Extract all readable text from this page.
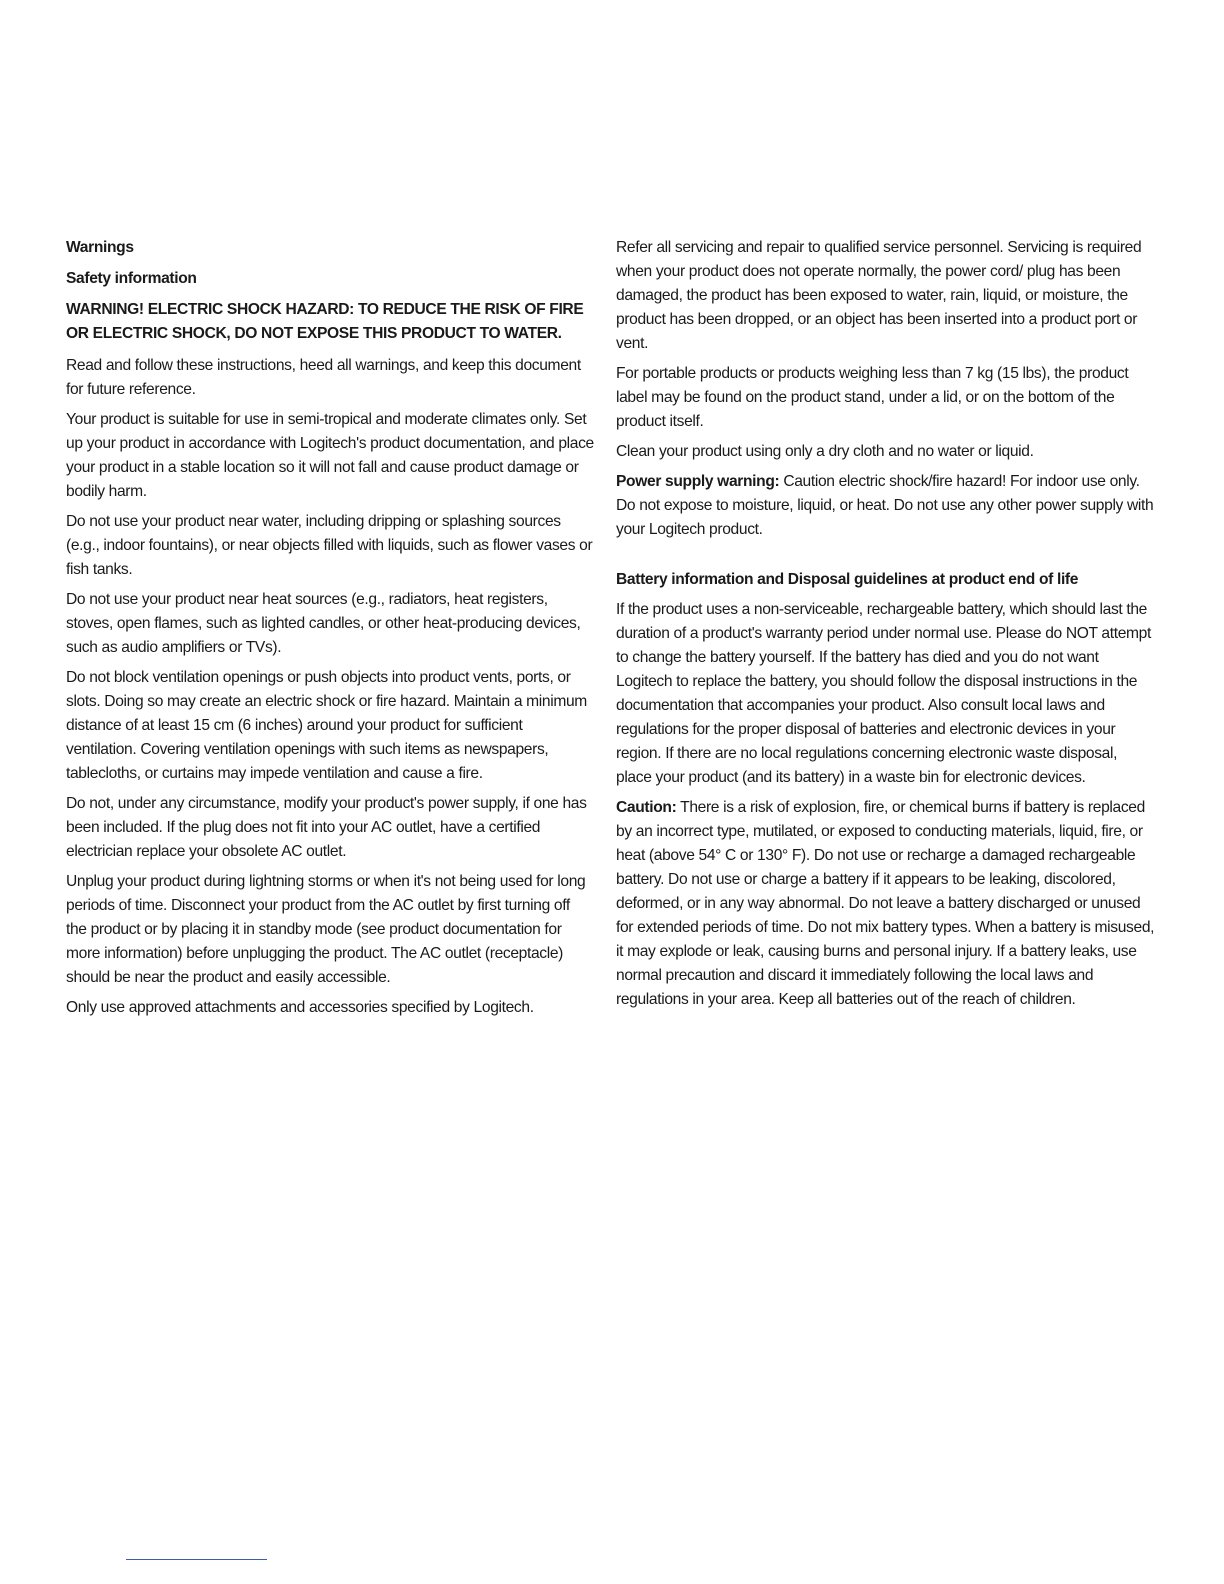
Warnings
Safety information
WARNING! ELECTRIC SHOCK HAZARD: TO REDUCE THE RISK OF FIRE OR ELECTRIC SHOCK, DO NOT EXPOSE THIS PRODUCT TO WATER.

Read and follow these instructions, heed all warnings, and keep this document for future reference.

Your product is suitable for use in semi-tropical and moderate climates only. Set up your product in accordance with Logitech's product documentation, and place your product in a stable location so it will not fall and cause product damage or bodily harm.

Do not use your product near water, including dripping or splashing sources (e.g., indoor fountains), or near objects filled with liquids, such as flower vases or fish tanks.

Do not use your product near heat sources (e.g., radiators, heat registers, stoves, open flames, such as lighted candles, or other heat-producing devices, such as audio amplifiers or TVs).

Do not block ventilation openings or push objects into product vents, ports, or slots. Doing so may create an electric shock or fire hazard. Maintain a minimum distance of at least 15 cm (6 inches) around your product for sufficient ventilation. Covering ventilation openings with such items as newspapers, tablecloths, or curtains may impede ventilation and cause a fire.

Do not, under any circumstance, modify your product's power supply, if one has been included. If the plug does not fit into your AC outlet, have a certified electrician replace your obsolete AC outlet.

Unplug your product during lightning storms or when it's not being used for long periods of time. Disconnect your product from the AC outlet by first turning off the product or by placing it in standby mode (see product documentation for more information) before unplugging the product. The AC outlet (receptacle) should be near the product and easily accessible.

Only use approved attachments and accessories specified by Logitech.

Refer all servicing and repair to qualified service personnel. Servicing is required when your product does not operate normally, the power cord/ plug has been damaged, the product has been exposed to water, rain, liquid, or moisture, the product has been dropped, or an object has been inserted into a product port or vent.

For portable products or products weighing less than 7 kg (15 lbs), the product label may be found on the product stand, under a lid, or on the bottom of the product itself.

Clean your product using only a dry cloth and no water or liquid.

Power supply warning: Caution electric shock/fire hazard! For indoor use only. Do not expose to moisture, liquid, or heat. Do not use any other power supply with your Logitech product.

Battery information and Disposal guidelines at product end of life

If the product uses a non-serviceable, rechargeable battery, which should last the duration of a product's warranty period under normal use. Please do NOT attempt to change the battery yourself. If the battery has died and you do not want Logitech to replace the battery, you should follow the disposal instructions in the documentation that accompanies your product. Also consult local laws and regulations for the proper disposal of batteries and electronic devices in your region. If there are no local regulations concerning electronic waste disposal, place your product (and its battery) in a waste bin for electronic devices.

Caution: There is a risk of explosion, fire, or chemical burns if battery is replaced by an incorrect type, mutilated, or exposed to conducting materials, liquid, fire, or heat (above 54° C or 130° F). Do not use or recharge a damaged rechargeable battery. Do not use or charge a battery if it appears to be leaking, discolored, deformed, or in any way abnormal. Do not leave a battery discharged or unused for extended periods of time. Do not mix battery types. When a battery is misused, it may explode or leak, causing burns and personal injury. If a battery leaks, use normal precaution and discard it immediately following the local laws and regulations in your area. Keep all batteries out of the reach of children.
